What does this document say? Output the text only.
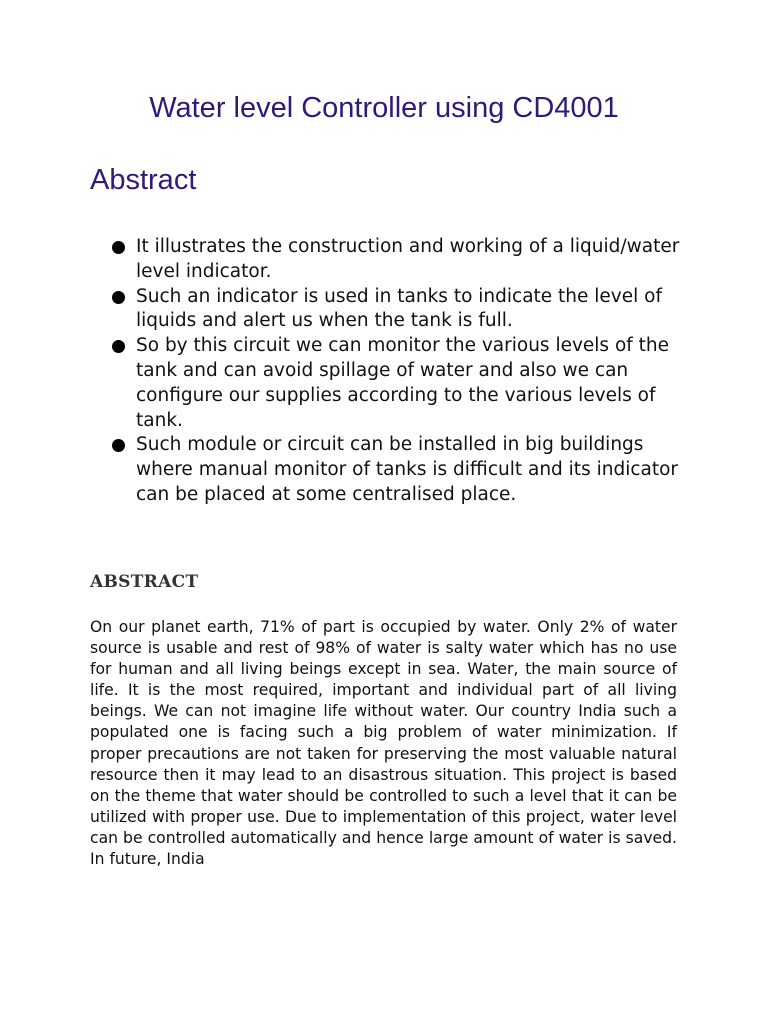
Water level Controller using CD4001
Abstract
It illustrates the construction and working of a liquid/water level indicator.
Such an indicator is used in tanks to indicate the level of liquids and alert us when the tank is full.
So by this circuit we can monitor the various levels of the tank and can avoid spillage of water and also we can configure our supplies according to the various levels of tank.
Such module or circuit can be installed in big buildings where manual monitor of tanks is difficult and its indicator can be placed at some centralised place.
ABSTRACT

On our planet earth, 71% of part is occupied by water. Only 2% of water source is usable and rest of 98% of water is salty water which has no use for human and all living beings except in sea. Water, the main source of life. It is the most required, important and individual part of all living beings. We can not imagine life without water. Our country India such a populated one is facing such a big problem of water minimization. If proper precautions are not taken for preserving the most valuable natural resource then it may lead to an disastrous situation. This project is based on the theme that water should be controlled to such a level that it can be utilized with proper use. Due to implementation of this project, water level can be controlled automatically and hence large amount of water is saved. In future, India
